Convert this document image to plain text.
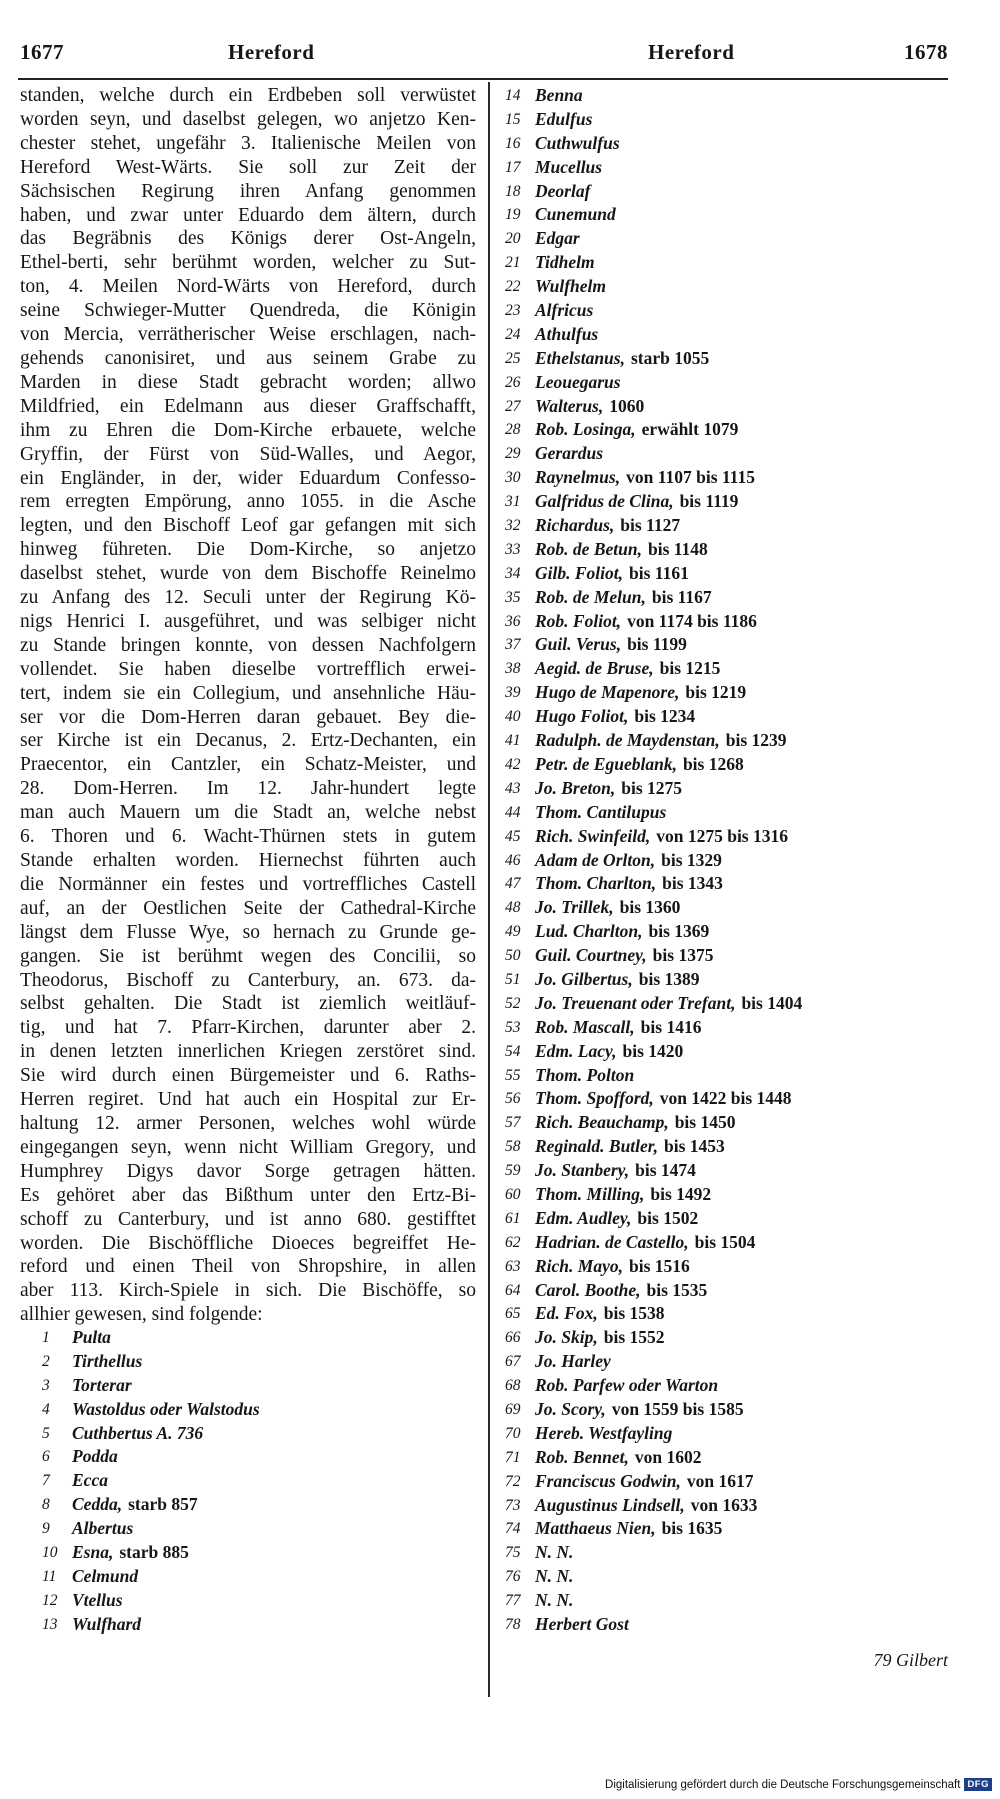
1677	Hereford	Hereford	1678
standen, welche durch ein Erdbeben soll verwüstet
worden seyn, und daselbst gelegen, wo anjetzo Ken-
chester stehet, ungefähr 3. Italienische Meilen von
Hereford West-Wärts. Sie soll zur Zeit der
Sächsischen Regirung ihren Anfang genommen
haben, und zwar unter Eduardo dem ältern, durch
das Begräbnis des Königs derer Ost-Angeln,
Ethel-berti, sehr berühmt worden, welcher zu Sut-
ton, 4. Meilen Nord-Wärts von Hereford, durch
seine Schwieger-Mutter Quendreda, die Königin
von Mercia, verrätherischer Weise erschlagen, nach-
gehends canonisiret, und aus seinem Grabe zu
Marden in diese Stadt gebracht worden; allwo
Mildfried, ein Edelmann aus dieser Graffschafft,
ihm zu Ehren die Dom-Kirche erbauete, welche
Gryffin, der Fürst von Süd-Walles, und Aegor,
ein Engländer, in der, wider Eduardum Confesso-
rem erregten Empörung, anno 1055. in die Asche
legten, und den Bischoff Leof gar gefangen mit sich
hinweg führeten. Die Dom-Kirche, so anjetzo
daselbst stehet, wurde von dem Bischoffe Reinelmo
zu Anfang des 12. Seculi unter der Regirung Kö-
nigs Henrici I. ausgeführet, und was selbiger nicht
zu Stande bringen konnte, von dessen Nachfolgern
vollendet. Sie haben dieselbe vortrefflich erwei-
tert, indem sie ein Collegium, und ansehnliche Häu-
ser vor die Dom-Herren daran gebauet. Bey die-
ser Kirche ist ein Decanus, 2. Ertz-Dechanten, ein
Praecentor, ein Cantzler, ein Schatz-Meister, und
28. Dom-Herren. Im 12. Jahr-hundert legte
man auch Mauern um die Stadt an, welche nebst
6. Thoren und 6. Wacht-Thürnen stets in gutem
Stande erhalten worden. Hiernechst führten auch
die Normänner ein festes und vortreffliches Castell
auf, an der Oestlichen Seite der Cathedral-Kirche
längst dem Flusse Wye, so hernach zu Grunde ge-
gangen. Sie ist berühmt wegen des Concilii, so
Theodorus, Bischoff zu Canterbury, an. 673. da-
selbst gehalten. Die Stadt ist ziemlich weitläuf-
tig, und hat 7. Pfarr-Kirchen, darunter aber 2.
in denen letzten innerlichen Kriegen zerstöret sind.
Sie wird durch einen Bürgemeister und 6. Raths-
Herren regiret. Und hat auch ein Hospital zur Er-
haltung 12. armer Personen, welches wohl würde
eingegangen seyn, wenn nicht William Gregory, und
Humphrey Digys davor Sorge getragen hätten.
Es gehöret aber das Bißthum unter den Ertz-Bi-
schoff zu Canterbury, und ist anno 680. gestifftet
worden. Die Bischöffliche Dioeces begreiffet He-
reford und einen Theil von Shropshire, in allen
aber 113. Kirch-Spiele in sich. Die Bischöffe, so
allhier gewesen, sind folgende:
1	Pulta
2	Tirthellus
3	Torterar
4	Wastoldus oder Walstodus
5	Cuthbertus A. 736
6	Podda
7	Ecca
8	Cedda, starb 857
9	Albertus
10 Esna, starb 885
11 Celmund
12 Vtellus
13 Wulfhard
14 Benna
15 Edulfus
16 Cuthwulfus
17 Mucellus
18 Deorlaf
19 Cunemund
20 Edgar
21 Tidhelm
22 Wulfhelm
23 Alfricus
24 Athulfus
25 Ethelstanus, starb 1055
26 Leouegarus
27 Walterus, 1060
28 Rob. Losinga, erwählt 1079
29 Gerardus
30 Raynelmus, von 1107 bis 1115
31 Galfridus de Clina, bis 1119
32 Richardus, bis 1127
33 Rob. de Betun, bis 1148
34 Gilb. Foliot, bis 1161
35 Rob. de Melun, bis 1167
36 Rob. Foliot, von 1174 bis 1186
37 Guil. Verus, bis 1199
38 Aegid. de Bruse, bis 1215
39 Hugo de Mapenore, bis 1219
40 Hugo Foliot, bis 1234
41 Radulph. de Maydenstan, bis 1239
42 Petr. de Egueblank, bis 1268
43 Jo. Breton, bis 1275
44 Thom. Cantilupus
45 Rich. Swinfeild, von 1275 bis 1316
46 Adam de Orlton, bis 1329
47 Thom. Charlton, bis 1343
48 Jo. Trillek, bis 1360
49 Lud. Charlton, bis 1369
50 Guil. Courtney, bis 1375
51 Jo. Gilbertus, bis 1389
52 Jo. Treuenant oder Trefant, bis 1404
53 Rob. Mascall, bis 1416
54 Edm. Lacy, bis 1420
55 Thom. Polton
56 Thom. Spofford, von 1422 bis 1448
57 Rich. Beauchamp, bis 1450
58 Reginald. Butler, bis 1453
59 Jo. Stanbery, bis 1474
60 Thom. Milling, bis 1492
61 Edm. Audley, bis 1502
62 Hadrian. de Castello, bis 1504
63 Rich. Mayo, bis 1516
64 Carol. Boothe, bis 1535
65 Ed. Fox, bis 1538
66 Jo. Skip, bis 1552
67 Jo. Harley
68 Rob. Parfew oder Warton
69 Jo. Scory, von 1559 bis 1585
70 Hereb. Westfayling
71 Rob. Bennet, von 1602
72 Franciscus Godwin, von 1617
73 Augustinus Lindsell, von 1633
74 Matthaeus Nien, bis 1635
75 N. N.
76 N. N.
77 N. N.
78 Herbert Gost
79 Gilbert
Digitalisierung gefördert durch die Deutsche Forschungsgemeinschaft DFG
